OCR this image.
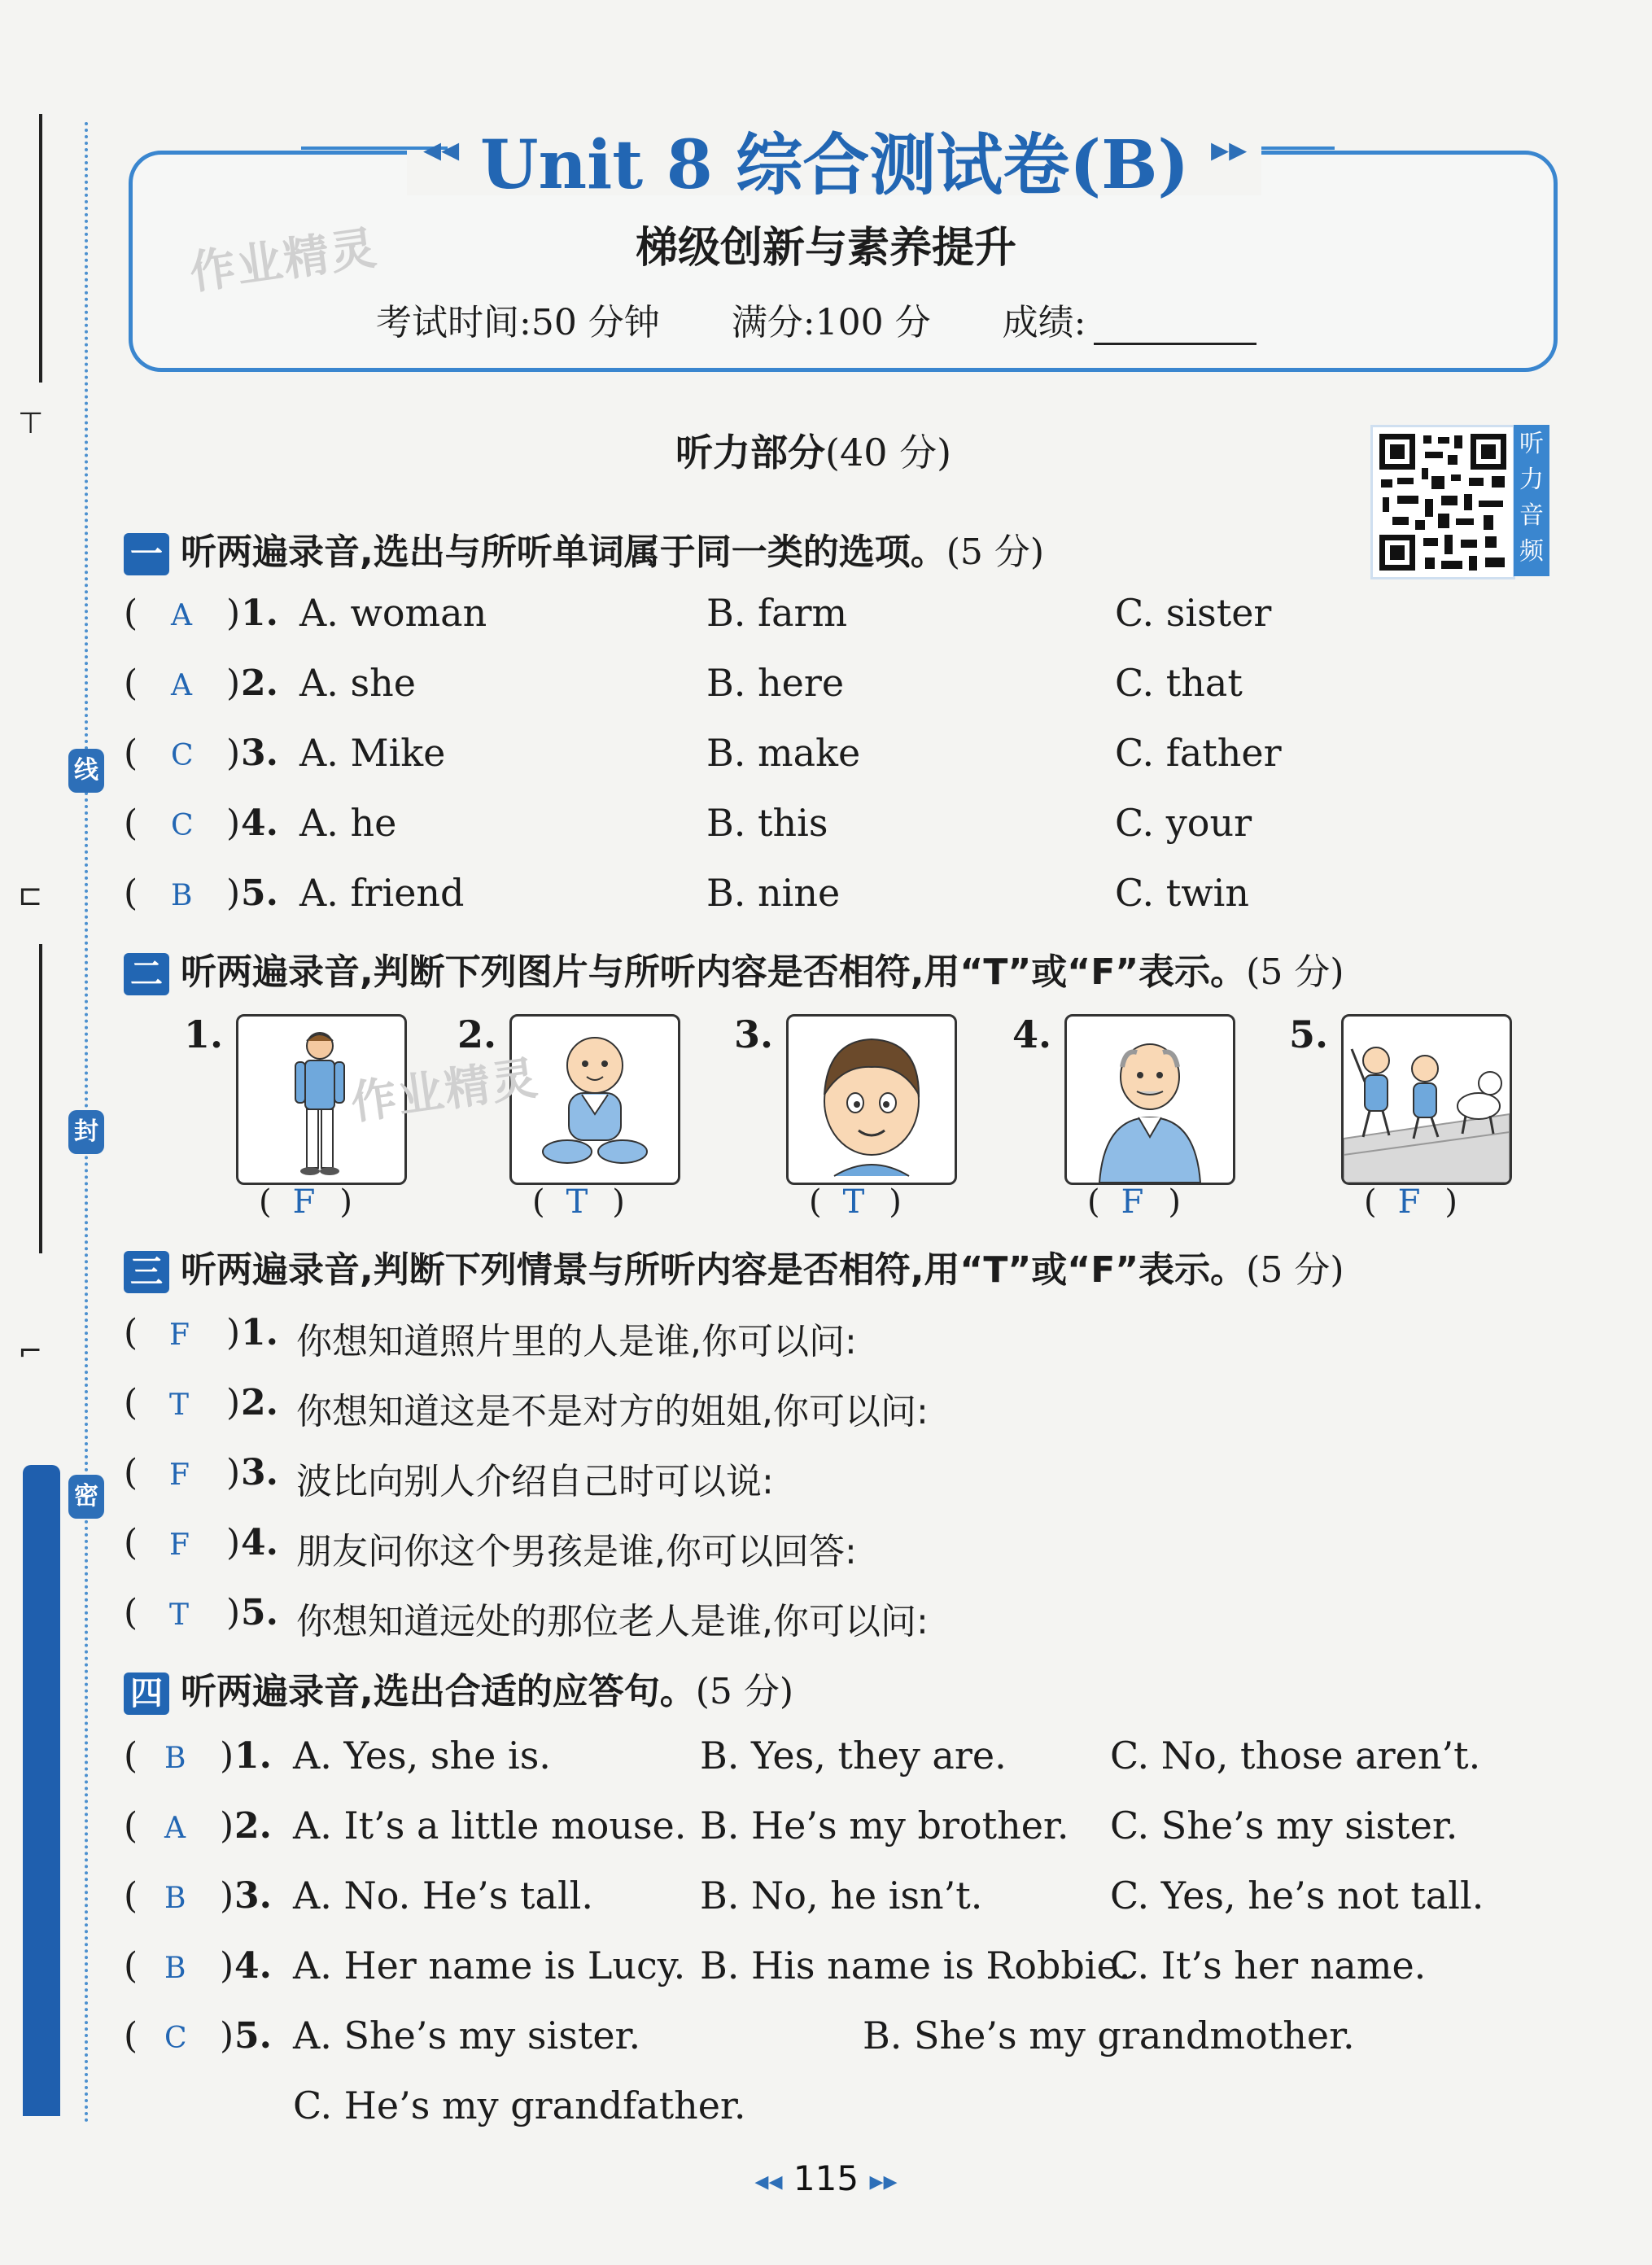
线
封
密
⊤
⊏
⌐
◂◂ Unit 8 综合测试卷(B) ▸▸
作业精灵	梯级创新与素养提升
考试时间:50 分钟 满分:100 分 成绩:
听力部分(40 分)	听力音频
一 听两遍录音,选出与所听单词属于同一类的选项。(5 分)
( A ) 1. A. woman	B. farm	C. sister
( A ) 2. A. she	B. here	C. that
( C ) 3. A. Mike	B. make	C. father
( C ) 4. A. he	B. this	C. your
( B ) 5. A. friend	B. nine	C. twin
二 听两遍录音,判断下列图片与所听内容是否相符,用“T”或“F”表示。(5 分)
1.
( F )
2.
( T )
3.
( T )
4.
( F )
5.
( F )
作业精灵
三 听两遍录音,判断下列情景与所听内容是否相符,用“T”或“F”表示。(5 分)
( F ) 1. 你想知道照片里的人是谁,你可以问:
( T ) 2. 你想知道这是不是对方的姐姐,你可以问:
( F ) 3. 波比向别人介绍自己时可以说:
( F ) 4. 朋友问你这个男孩是谁,你可以回答:
( T ) 5. 你想知道远处的那位老人是谁,你可以问:
四 听两遍录音,选出合适的应答句。(5 分)
( B ) 1. A. Yes, she is.	B. Yes, they are.	C. No, those aren’t.
( A ) 2. A. It’s a little mouse. B. He’s my brother. C. She’s my sister.
( B ) 3. A. No. He’s tall.	B. No, he isn’t.	C. Yes, he’s not tall.
( B ) 4. A. Her name is Lucy. B. His name is Robbie.
C. It’s her name.
( C ) 5. A. She’s my sister.	B. She’s my grandmother.
C. He’s my grandfather.
◂◂ 115 ▸▸
